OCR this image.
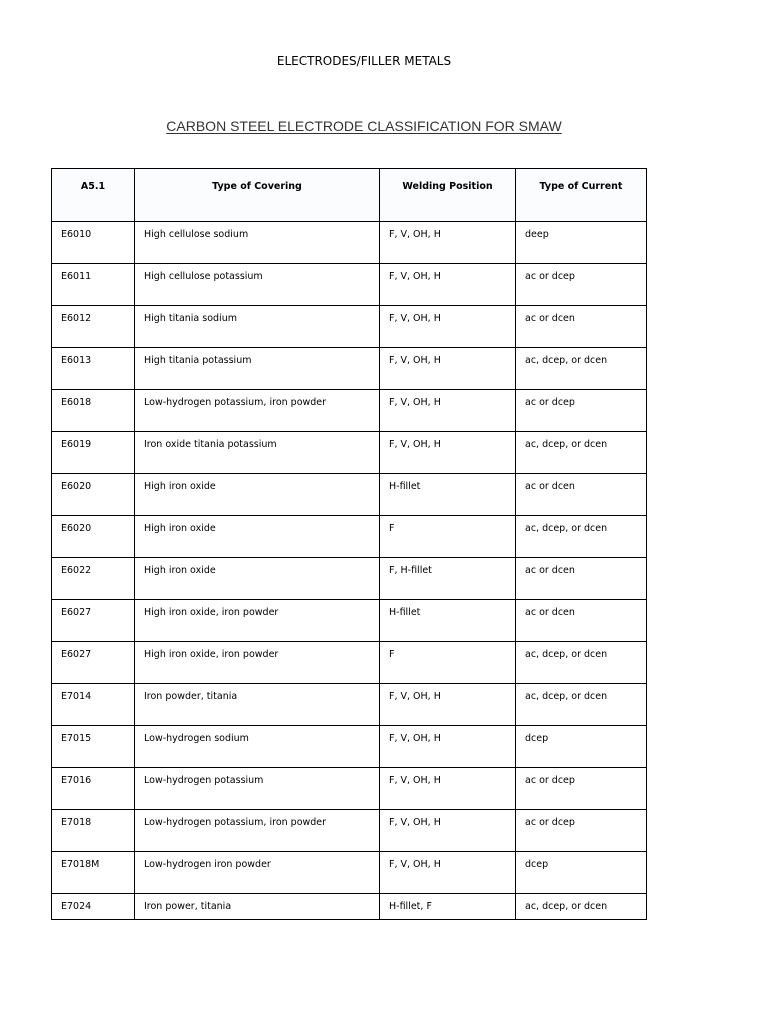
ELECTRODES/FILLER METALS
CARBON STEEL ELECTRODE CLASSIFICATION FOR SMAW
A5.1	Type of Covering	Welding Position	Type of Current
E6010	High cellulose sodium	F, V, OH, H	deep
E6011	High cellulose potassium	F, V, OH, H	ac or dcep
E6012	High titania sodium	F, V, OH, H	ac or dcen
E6013	High titania potassium	F, V, OH, H	ac, dcep, or dcen
E6018	Low-hydrogen potassium, iron powder	F, V, OH, H	ac or dcep
E6019	Iron oxide titania potassium	F, V, OH, H	ac, dcep, or dcen
E6020	High iron oxide	H-fillet	ac or dcen
E6020	High iron oxide	F	ac, dcep, or dcen
E6022	High iron oxide	F, H-fillet	ac or dcen
E6027	High iron oxide, iron powder	H-fillet	ac or dcen
E6027	High iron oxide, iron powder	F	ac, dcep, or dcen
E7014	Iron powder, titania	F, V, OH, H	ac, dcep, or dcen
E7015	Low-hydrogen sodium	F, V, OH, H	dcep
E7016	Low-hydrogen potassium	F, V, OH, H	ac or dcep
E7018	Low-hydrogen potassium, iron powder	F, V, OH, H	ac or dcep
E7018M	Low-hydrogen iron powder	F, V, OH, H	dcep
E7024	Iron power, titania	H-fillet, F	ac, dcep, or dcen
